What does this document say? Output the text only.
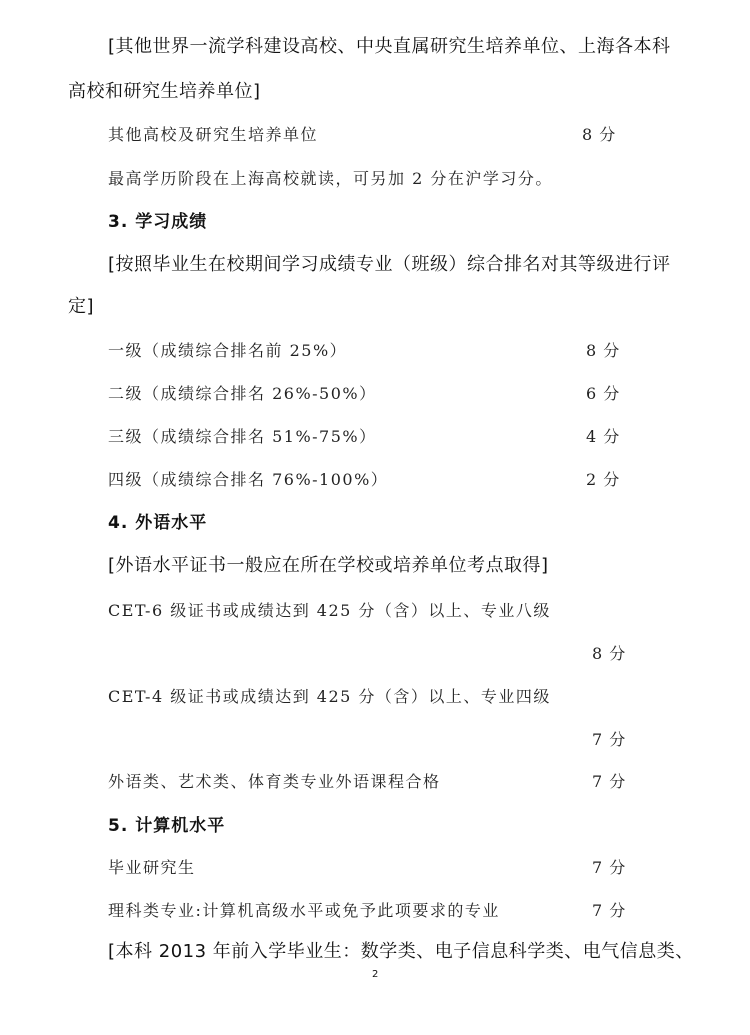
[其他世界一流学科建设高校、中央直属研究生培养单位、上海各本科
高校和研究生培养单位]
其他高校及研究生培养单位	8 分
最高学历阶段在上海高校就读，可另加 2 分在沪学习分。
3. 学习成绩
[按照毕业生在校期间学习成绩专业（班级）综合排名对其等级进行评
定]
一级（成绩综合排名前 25%）	8 分
二级（成绩综合排名 26%-50%）	6 分
三级（成绩综合排名 51%-75%）	4 分
四级（成绩综合排名 76%-100%）	2 分
4. 外语水平
[外语水平证书一般应在所在学校或培养单位考点取得]
CET-6 级证书或成绩达到 425 分（含）以上、专业八级
8 分
CET-4 级证书或成绩达到 425 分（含）以上、专业四级
7 分
外语类、艺术类、体育类专业外语课程合格	7 分
5. 计算机水平
毕业研究生	7 分
理科类专业:计算机高级水平或免予此项要求的专业	7 分
[本科 2013 年前入学毕业生：数学类、电子信息科学类、电气信息类、
2
